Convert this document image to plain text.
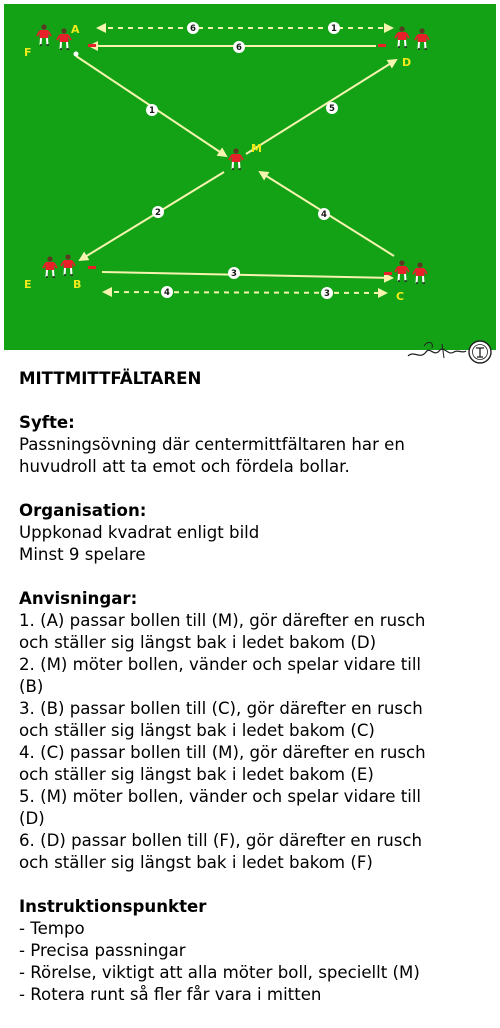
A
F
D
M
E	B
C
6	1
6
1	5
2	4
3
4	3
MITTMITTFÄLTAREN
Syfte:
Passningsövning där centermittfältaren har en
huvudroll att ta emot och fördela bollar.
Organisation:
Uppkonad kvadrat enligt bild
Minst 9 spelare
Anvisningar:
1. (A) passar bollen till (M), gör därefter en rusch
och ställer sig längst bak i ledet bakom (D)
2. (M) möter bollen, vänder och spelar vidare till
(B)
3. (B) passar bollen till (C), gör därefter en rusch
och ställer sig längst bak i ledet bakom (C)
4. (C) passar bollen till (M), gör därefter en rusch
och ställer sig längst bak i ledet bakom (E)
5. (M) möter bollen, vänder och spelar vidare till
(D)
6. (D) passar bollen till (F), gör därefter en rusch
och ställer sig längst bak i ledet bakom (F)
Instruktionspunkter
- Tempo
- Precisa passningar
- Rörelse, viktigt att alla möter boll, speciellt (M)
- Rotera runt så fler får vara i mitten
